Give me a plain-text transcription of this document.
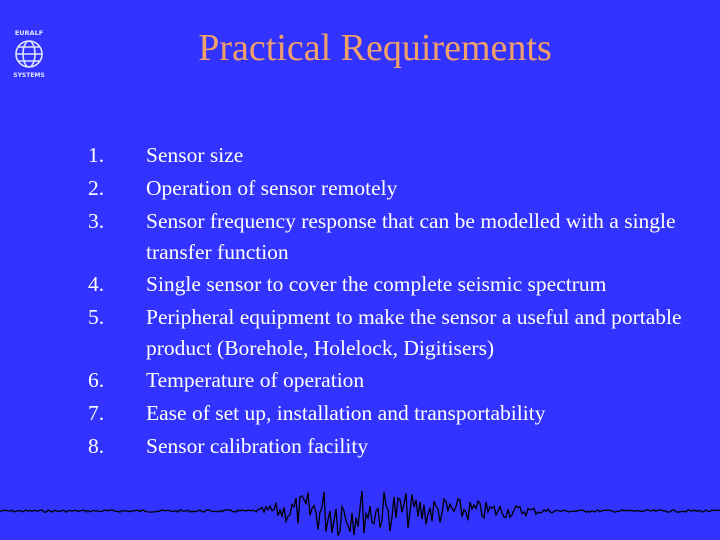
EURALF
SYSTEMS
Practical Requirements
1.	Sensor size
2.	Operation of sensor remotely
3.	Sensor frequency response that can be modelled with a single transfer function
4.	Single sensor to cover the complete seismic spectrum
5.	Peripheral equipment to make the sensor a useful and portable product (Borehole, Holelock, Digitisers)
6.	Temperature of operation
7.	Ease of set up, installation and transportability
8.	Sensor calibration facility
